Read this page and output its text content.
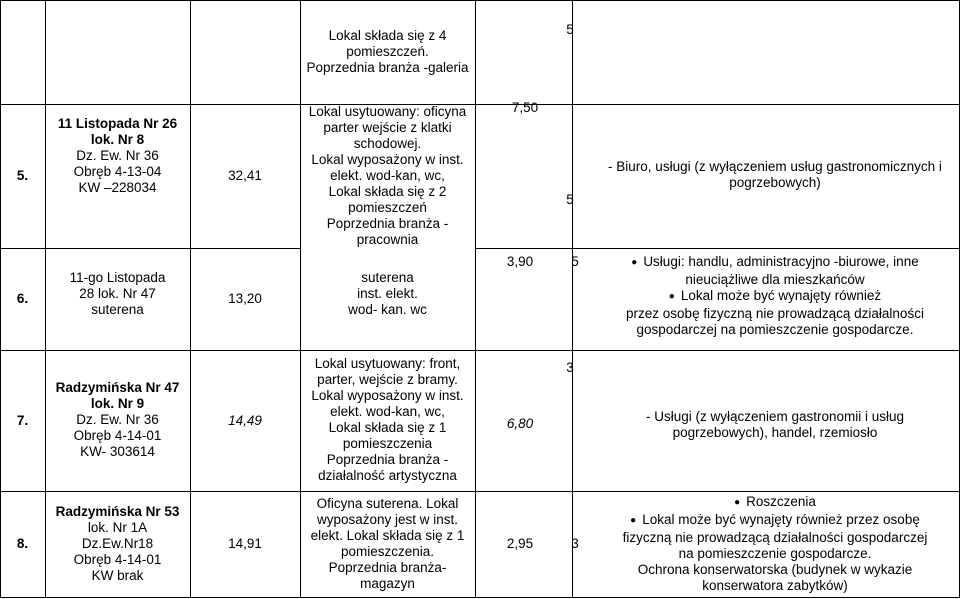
Lokal składa się z 4
pomieszczeń.
Poprzednia branża -galeria
5
5.
11 Listopada Nr 26
lok. Nr 8
Dz. Ew. Nr 36
Obręb 4-13-04
KW –228034
32,41
Lokal usytuowany: oficyna
parter wejście z klatki
schodowej.
Lokal wyposażony w inst.
elekt. wod-kan, wc,
Lokal składa się z 2
pomieszczeń
Poprzednia branża -
pracownia
7,50
5
- Biuro, usługi (z wyłączeniem usług gastronomicznych i pogrzebowych)
6.
11-go Listopada
28 lok. Nr 47
suterena
13,20
suterena
inst. elekt.
wod- kan. wc
3,90	5
●	Usługi: handlu, administracyjno -biurowe, inne
nieuciążliwe dla mieszkańców
● Lokal może być wynajęty również
przez osobę fizyczną nie prowadzącą działalności
gospodarczej na pomieszczenie gospodarcze.
7.
Radzymińska Nr 47
lok. Nr 9
Dz. Ew. Nr 36
Obręb 4-14-01
KW- 303614
14,49
Lokal usytuowany: front,
parter, wejście z bramy.
Lokal wyposażony w inst.
elekt. wod-kan, wc,
Lokal składa się z 1
pomieszczenia
Poprzednia branża -
działalność artystyczna
6,80
3
- Usługi (z wyłączeniem gastronomii i usług
pogrzebowych), handel, rzemiosło
8.
Radzymińska Nr 53
lok. Nr 1A
Dz.Ew.Nr18
Obręb 4-14-01
KW brak
14,91
Oficyna suterena. Lokal
wyposażony jest w inst.
elekt. Lokal składa się z 1
pomieszczenia.
Poprzednia branża-
magazyn
2,95	3
● Roszczenia
● Lokal może być wynajęty również przez osobę
fizyczną nie prowadzącą działalności gospodarczej
na pomieszczenie gospodarcze.
Ochrona konserwatorska (budynek w wykazie
konserwatora zabytków)
